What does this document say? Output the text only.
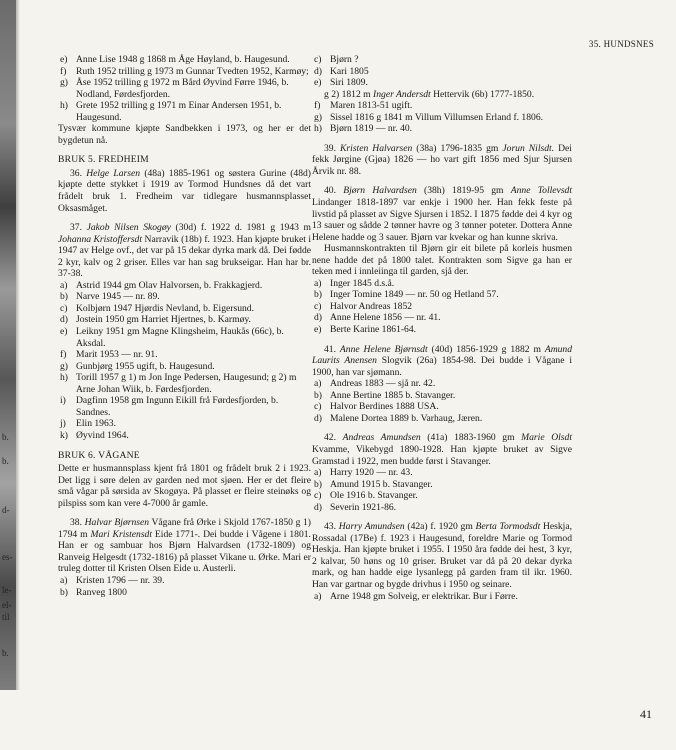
b.
b.
d-
es-
le-
el-
til
b.
35. HUNDSNES
e) Anne Lise 1948 g 1868 m Åge Høyland, b. Haugesund.
f)	Ruth 1952 trilling g 1973 m Gunnar Tvedten 1952, Karmøy;
g) Åse 1952 trilling g 1972 m Bård Øyvind Førre 1946, b. Nodland, Førdesfjorden.
h) Grete 1952 trilling g 1971 m Einar Andersen 1951, b. Haugesund.

Tysvær kommune kjøpte Sandbekken i 1973, og her er det bygdetun nå.

BRUK 5. FREDHEIM

36. Helge Larsen (48a) 1885-1961 og søstera Gurine (48d) kjøpte dette stykket i 1919 av Tormod Hundsnes då det vart frådelt bruk 1. Fredheim var tidlegare husmannsplasset Oksasmåget.

37. Jakob Nilsen Skogøy (30d) f. 1922 d. 1981 g 1943 m Johanna Kristoffersdt Narravik (18b) f. 1923. Han kjøpte bruket i 1947 av Helge ovf., det var på 15 dekar dyrka mark då. Dei fødde 2 kyr, kalv og 2 griser. Elles var han sag brukseigar. Han har br. 37-38.

a) Astrid 1944 gm Olav Halvorsen, b. Frakkagjerd.
b) Narve 1945 — nr. 89.
c) Kolbjørn 1947 Hjørdis Nevland, b. Eigersund.
d) Jostein 1950 gm Harriet Hjertnes, b. Karmøy.
e) Leikny 1951 gm Magne Klingsheim, Haukås (66c), b. Aksdal.
f)	Marit 1953 — nr. 91.
g) Gunbjørg 1955 ugift, b. Haugesund.
h) Torill 1957 g 1) m Jon Inge Pedersen, Haugesund; g 2) m Arne Johan Wiik, b. Førdesfjorden.
i)	Dagfinn 1958 gm Ingunn Eikill frå Førdesfjorden, b. Sandnes.
j)	Elin 1963.
k) Øyvind 1964.
BRUK 6. VÅGANE

Dette er husmannsplass kjent frå 1801 og frådelt bruk 2 i 1923. Det ligg i søre delen av garden ned mot sjøen. Her er det fleire små vågar på sørsida av Skogøya. På plasset er fleire steinøks og pilspiss som kan vere 4-7000 år gamle.

38. Halvar Bjørnsen Vågane frå Ørke i Skjold 1767-1850 g 1) 1794 m Mari Kristensdt Eide 1771-. Dei budde i Vågene i 1801. Han er og sambuar hos Bjørn Halvardsen (1732-1809) og Ranveig Helgesdt (1732-1816) på plasset Vikane u. Ørke. Mari er truleg dotter til Kristen Olsen Eide u. Austerli.

a) Kristen 1796 — nr. 39.
b) Ranveg 1800
c) Bjørn ?
d) Kari 1805
e) Siri 1809.

g 2) 1812 m Inger Andersdt Hettervik (6b) 1777-1850.

f)	Maren 1813-51 ugift.
g) Sissel 1816 g 1841 m Villum Villumsen Erland f. 1806.
h) Bjørn 1819 — nr. 40.

39. Kristen Halvarsen (38a) 1796-1835 gm Jorun Nilsdt. Dei fekk Jørgine (Gjøa) 1826 — ho vart gift 1856 med Sjur Sjursen Årvik nr. 88.

40. Bjørn Halvardsen (38h) 1819-95 gm Anne Tollevsdt Lindanger 1818-1897 var enkje i 1900 her. Han fekk feste på livstid på plasset av Sigve Sjursen i 1852. I 1875 fødde dei 4 kyr og 13 sauer og sådde 2 tønner havre og 3 tønner poteter. Dottera Anne Helene hadde og 3 sauer. Bjørn var kvekar og han kunne skriva.

Husmannskontrakten til Bjørn gir eit bilete på korleis husmen nene hadde det på 1800 talet. Kontrakten som Sigve ga han er teken med i innleiinga til garden, sjå der.

a) Inger 1845 d.s.å.
b) Inger Tomine 1849 — nr. 50 og Hetland 57.
c) Halvor Andreas 1852
d) Anne Helene 1856 — nr. 41.
e) Berte Karine 1861-64.

41. Anne Helene Bjørnsdt (40d) 1856-1929 g 1882 m Amund Laurits Anensen Slogvik (26a) 1854-98. Dei budde i Vågane i 1900, han var sjømann.

a) Andreas 1883 — sjå nr. 42.
b) Anne Bertine 1885 b. Stavanger.
c) Halvor Berdines 1888 USA.
d) Malene Dortea 1889 b. Varhaug, Jæren.

42. Andreas Amundsen (41a) 1883-1960 gm Marie Olsdt Kvamme, Vikebygd 1890-1928. Han kjøpte bruket av Sigve Gramstad i 1922, men budde først i Stavanger.

a) Harry 1920 — nr. 43.
b) Amund 1915 b. Stavanger.
c) Ole 1916 b. Stavanger.
d) Severin 1921-86.

43. Harry Amundsen (42a) f. 1920 gm Berta Tormodsdt Heskja, Rossadal (17Be) f. 1923 i Haugesund, foreldre Marie og Tormod Heskja. Han kjøpte bruket i 1955. I 1950 åra fødde dei hest, 3 kyr, 2 kalvar, 50 høns og 10 griser. Bruket var då på 20 dekar dyrka mark, og han hadde eige lysanlegg på garden fram til ikr. 1960. Han var gartnar og bygde drivhus i 1950 og seinare.

a) Arne 1948 gm Solveig, er elektrikar. Bur i Førre.
41
